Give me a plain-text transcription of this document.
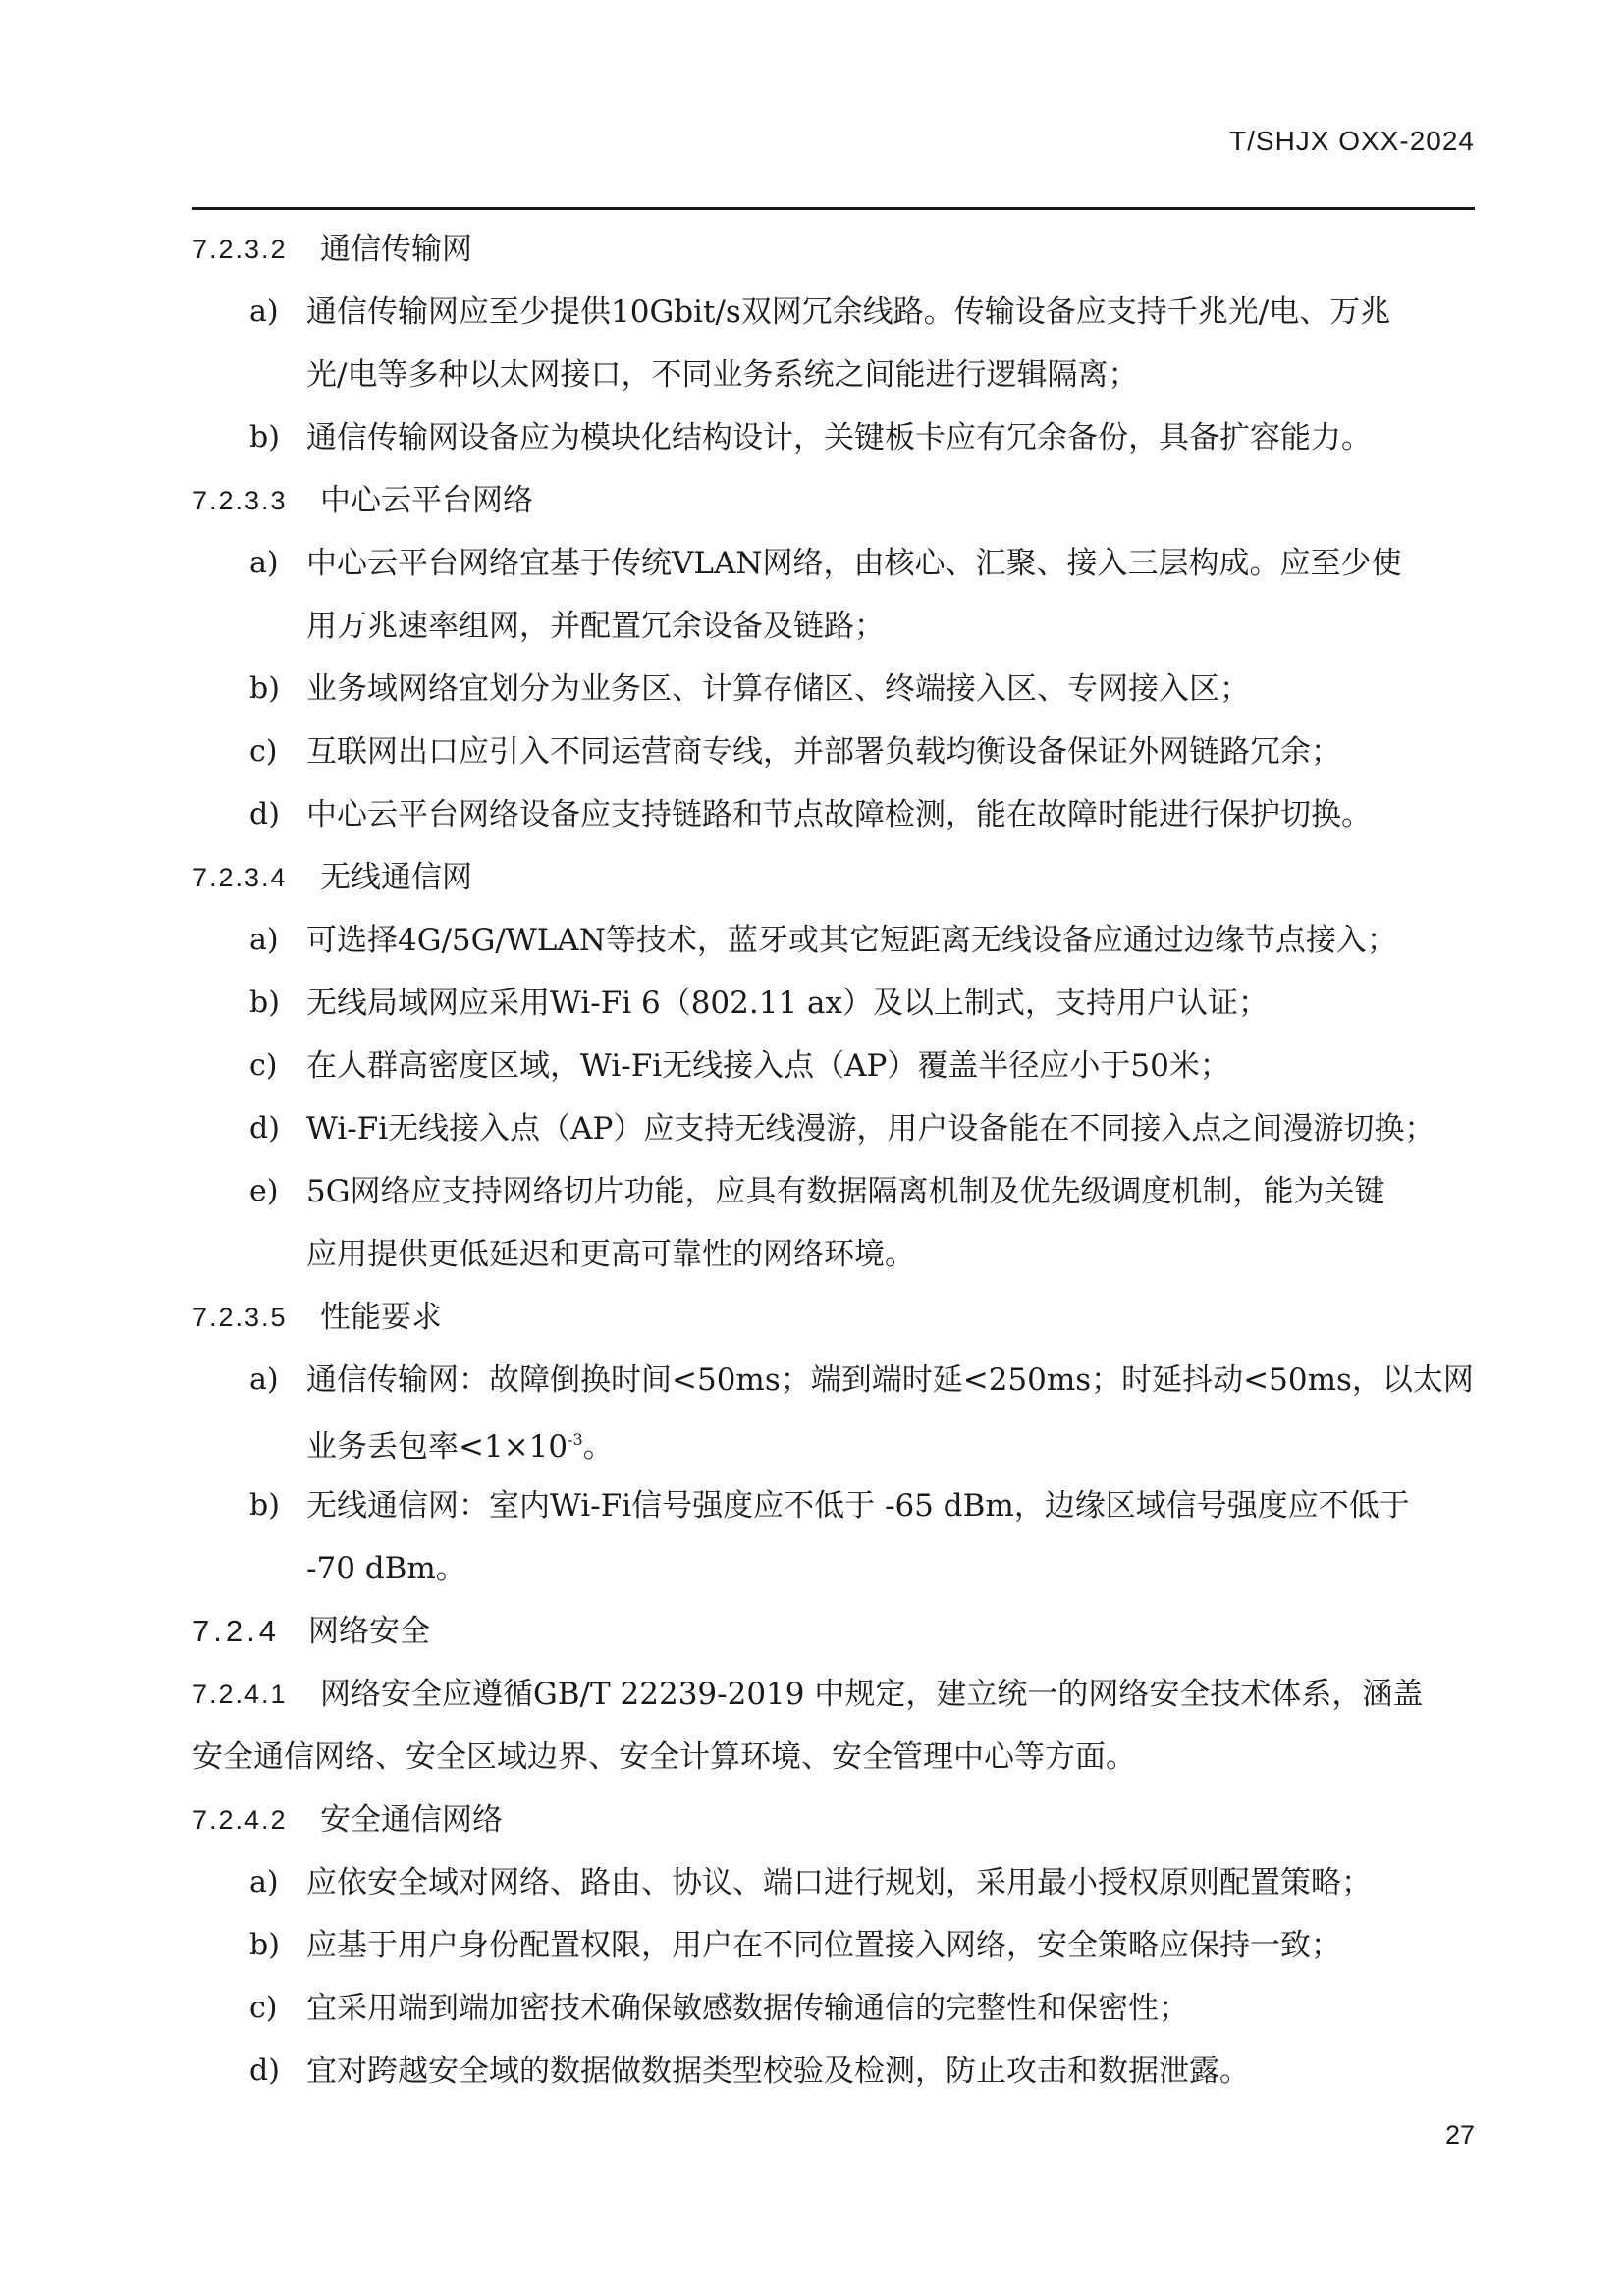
T/SHJX OXX-2024
7.2.3.2	通信传输网
a) 通信传输网应至少提供10Gbit/s双网冗余线路。传输设备应支持千兆光/电、万兆
光/电等多种以太网接口，不同业务系统之间能进行逻辑隔离；
b) 通信传输网设备应为模块化结构设计，关键板卡应有冗余备份，具备扩容能力。
7.2.3.3	中心云平台网络
a) 中心云平台网络宜基于传统VLAN网络，由核心、汇聚、接入三层构成。应至少使
用万兆速率组网，并配置冗余设备及链路；
b) 业务域网络宜划分为业务区、计算存储区、终端接入区、专网接入区；
c) 互联网出口应引入不同运营商专线，并部署负载均衡设备保证外网链路冗余；
d) 中心云平台网络设备应支持链路和节点故障检测，能在故障时能进行保护切换。
7.2.3.4	无线通信网
a) 可选择4G/5G/WLAN等技术，蓝牙或其它短距离无线设备应通过边缘节点接入；
b) 无线局域网应采用Wi-Fi 6（802.11 ax）及以上制式，支持用户认证；
c) 在人群高密度区域，Wi-Fi无线接入点（AP）覆盖半径应小于50米；
d) Wi-Fi无线接入点（AP）应支持无线漫游，用户设备能在不同接入点之间漫游切换；
e) 5G网络应支持网络切片功能，应具有数据隔离机制及优先级调度机制，能为关键
应用提供更低延迟和更高可靠性的网络环境。
7.2.3.5	性能要求
a) 通信传输网：故障倒换时间<50ms；端到端时延<250ms；时延抖动<50ms，以太网
业务丢包率$<1\times 10^{-3}$。
b) 无线通信网：室内Wi-Fi信号强度应不低于 -65 dBm，边缘区域信号强度应不低于
-70 dBm。
7.2.4 网络安全
7.2.4.1	网络安全应遵循GB/T 22239-2019 中规定，建立统一的网络安全技术体系，涵盖
安全通信网络、安全区域边界、安全计算环境、安全管理中心等方面。
7.2.4.2	安全通信网络
a) 应依安全域对网络、路由、协议、端口进行规划，采用最小授权原则配置策略；
b) 应基于用户身份配置权限，用户在不同位置接入网络，安全策略应保持一致；
c) 宜采用端到端加密技术确保敏感数据传输通信的完整性和保密性；
d) 宜对跨越安全域的数据做数据类型校验及检测，防止攻击和数据泄露。
27
